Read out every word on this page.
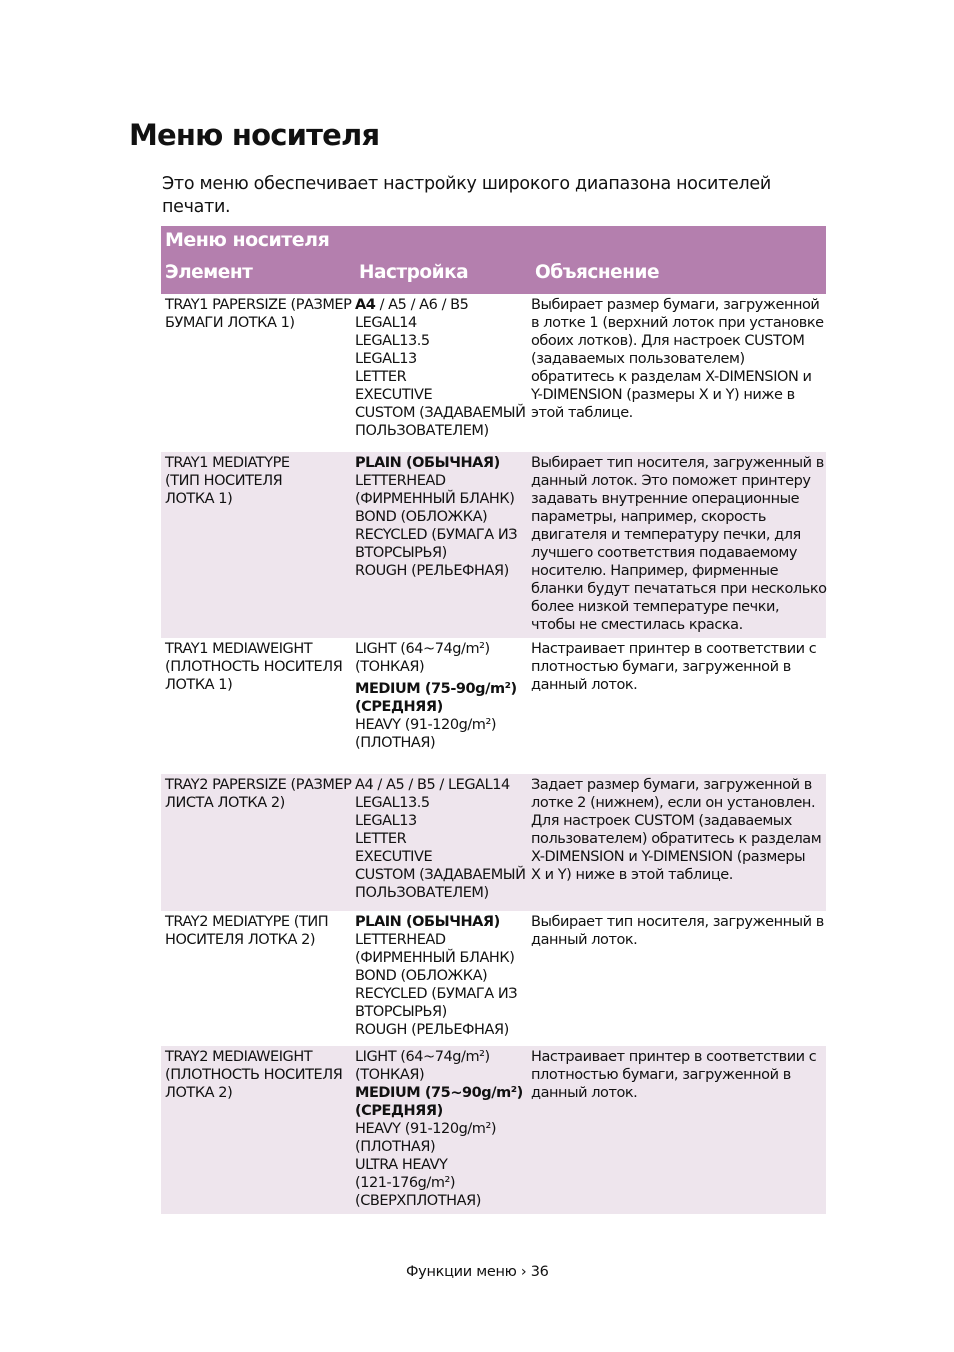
Меню носителя

Это меню обеспечивает настройку широкого диапазона носителей печати.

Меню носителя
Элемент	Настройка	Объяснение
TRAY1 PAPERSIZE (РАЗМЕР
БУМАГИ ЛОТКА 1)
A4 / A5 / A6 / B5
LEGAL14
LEGAL13.5
LEGAL13
LETTER
EXECUTIVE
CUSTOM (ЗАДАВАЕМЫЙ
ПОЛЬЗОВАТЕЛЕМ)
Выбирает размер бумаги, загруженной
в лотке 1 (верхний лоток при установке
обоих лотков). Для настроек CUSTOM
(задаваемых пользователем)
обратитесь к разделам X-DIMENSION и
Y-DIMENSION (размеры X и Y) ниже в
этой таблице.
TRAY1 MEDIATYPE
(ТИП НОСИТЕЛЯ
ЛОТКА 1)
PLAIN (ОБЫЧНАЯ)
LETTERHEAD
(ФИРМЕННЫЙ БЛАНК)
BOND (ОБЛОЖКА)
RECYCLED (БУМАГА ИЗ
ВТОРСЫРЬЯ)
ROUGH (РЕЛЬЕФНАЯ)
Выбирает тип носителя, загруженный в
данный лоток. Это поможет принтеру
задавать внутренние операционные
параметры, например, скорость
двигателя и температуру печки, для
лучшего соответствия подаваемому
носителю. Например, фирменные
бланки будут печататься при несколько
более низкой температуре печки,
чтобы не сместилась краска.
TRAY1 MEDIAWEIGHT
(ПЛОТНОСТЬ НОСИТЕЛЯ
ЛОТКА 1)
LIGHT (64~74g/m²)
(ТОНКАЯ)
MEDIUM (75-90g/m²)
(СРЕДНЯЯ)
HEAVY (91-120g/m²)
(ПЛОТНАЯ)
Настраивает принтер в соответствии с
плотностью бумаги, загруженной в
данный лоток.
TRAY2 PAPERSIZE (РАЗМЕР
ЛИСТА ЛОТКА 2)
A4 / A5 / B5 / LEGAL14
LEGAL13.5
LEGAL13
LETTER
EXECUTIVE
CUSTOM (ЗАДАВАЕМЫЙ
ПОЛЬЗОВАТЕЛЕМ)
Задает размер бумаги, загруженной в
лотке 2 (нижнем), если он установлен.
Для настроек CUSTOM (задаваемых
пользователем) обратитесь к разделам
X-DIMENSION и Y-DIMENSION (размеры
X и Y) ниже в этой таблице.
TRAY2 MEDIATYPE (ТИП
НОСИТЕЛЯ ЛОТКА 2)
PLAIN (ОБЫЧНАЯ)
LETTERHEAD
(ФИРМЕННЫЙ БЛАНК)
BOND (ОБЛОЖКА)
RECYCLED (БУМАГА ИЗ
ВТОРСЫРЬЯ)
ROUGH (РЕЛЬЕФНАЯ)
Выбирает тип носителя, загруженный в
данный лоток.
TRAY2 MEDIAWEIGHT
(ПЛОТНОСТЬ НОСИТЕЛЯ
ЛОТКА 2)
LIGHT (64~74g/m²)
(ТОНКАЯ)
MEDIUM (75~90g/m²)
(СРЕДНЯЯ)
HEAVY (91-120g/m²)
(ПЛОТНАЯ)
ULTRA HEAVY
(121-176g/m²)
(СВЕРХПЛОТНАЯ)
Настраивает принтер в соответствии с
плотностью бумаги, загруженной в
данный лоток.
Функции меню › 36
